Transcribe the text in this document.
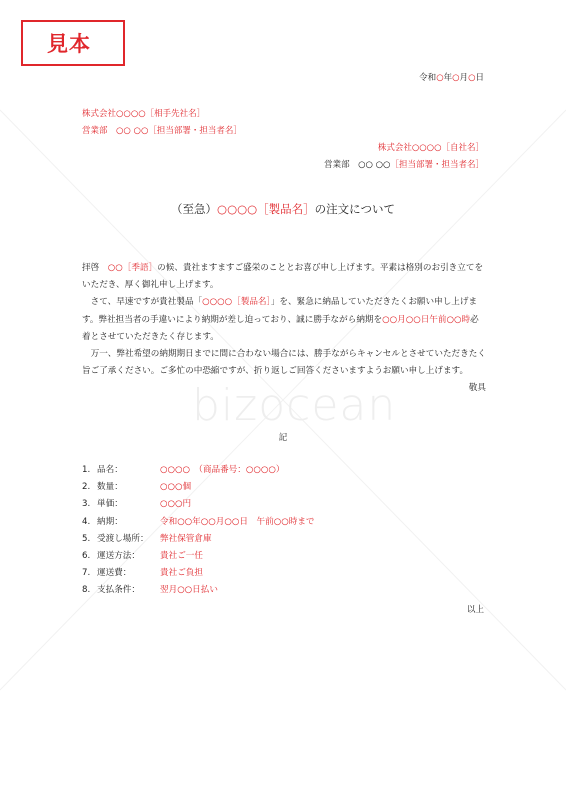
bizocean
見本
令和○年○月○日
株式会社○○○○［相手先社名］
営業部　○○ ○○［担当部署・担当者名］
株式会社○○○○［自社名］
営業部　○○ ○○［担当部署・担当者名］
（至急）○○○○［製品名］の注文について

拝啓　○○［季語］の候、貴社ますますご盛栄のこととお喜び申し上げます。平素は格別のお引き立てをいただき、厚く御礼申し上げます。

　さて、早速ですが貴社製品「○○○○［製品名］」を、緊急に納品していただきたくお願い申し上げます。弊社担当者の手違いにより納期が差し迫っており、誠に勝手ながら納期を○○月○○日午前○○時必着とさせていただきたく存じます。

　万一、弊社希望の納期期日までに間に合わない場合には、勝手ながらキャンセルとさせていただきたく旨ご了承ください。ご多忙の中恐縮ですが、折り返しご回答くださいますようお願い申し上げます。

敬具

記
1. 品名：	○○○○　（商品番号：○○○○）
2. 数量：	○○○個
3. 単価：	○○○円
4. 納期：	令和○○年○○月○○日　午前○○時まで
5. 受渡し場所： 弊社保管倉庫
6. 運送方法： 貴社ご一任
7. 運送費：	貴社ご負担
8. 支払条件： 翌月○○日払い
以上
